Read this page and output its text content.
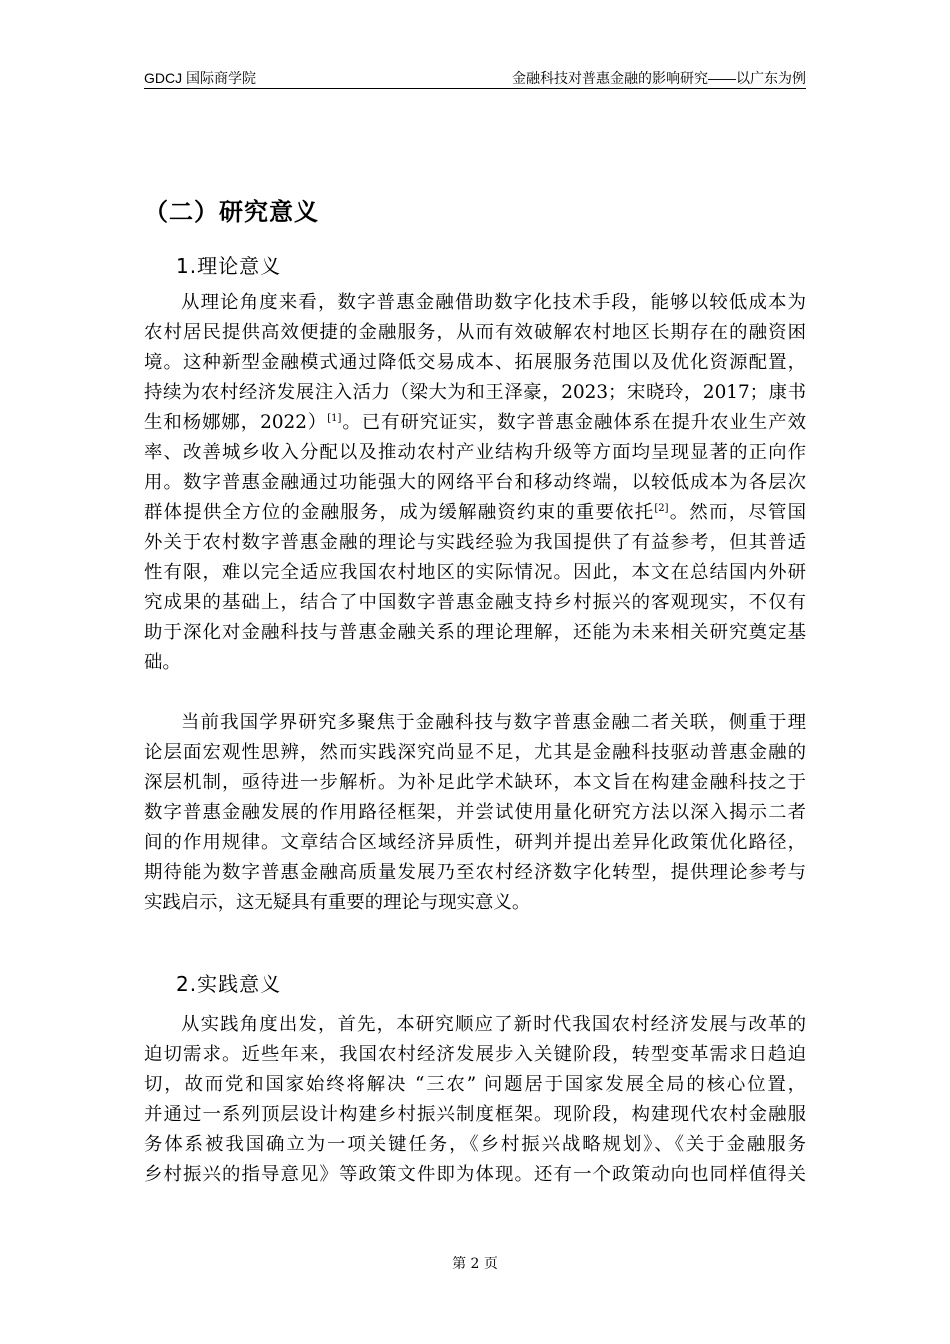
GDCJ 国际商学院	金融科技对普惠金融的影响研究——以广东为例
（二）研究意义
1.理论意义
从理论角度来看，数字普惠金融借助数字化技术手段，能够以较低成本为
农村居民提供高效便捷的金融服务，从而有效破解农村地区长期存在的融资困
境。这种新型金融模式通过降低交易成本、拓展服务范围以及优化资源配置，
持续为农村经济发展注入活力（梁大为和王泽豪，2023；宋晓玲，2017；康书
生和杨娜娜，2022）[1]。已有研究证实，数字普惠金融体系在提升农业生产效
率、改善城乡收入分配以及推动农村产业结构升级等方面均呈现显著的正向作
用。数字普惠金融通过功能强大的网络平台和移动终端，以较低成本为各层次
群体提供全方位的金融服务，成为缓解融资约束的重要依托[2]。然而，尽管国
外关于农村数字普惠金融的理论与实践经验为我国提供了有益参考，但其普适
性有限，难以完全适应我国农村地区的实际情况。因此，本文在总结国内外研
究成果的基础上，结合了中国数字普惠金融支持乡村振兴的客观现实，不仅有
助于深化对金融科技与普惠金融关系的理论理解，还能为未来相关研究奠定基
础。
当前我国学界研究多聚焦于金融科技与数字普惠金融二者关联，侧重于理
论层面宏观性思辨，然而实践深究尚显不足，尤其是金融科技驱动普惠金融的
深层机制，亟待进一步解析。为补足此学术缺环，本文旨在构建金融科技之于
数字普惠金融发展的作用路径框架，并尝试使用量化研究方法以深入揭示二者
间的作用规律。文章结合区域经济异质性，研判并提出差异化政策优化路径，
期待能为数字普惠金融高质量发展乃至农村经济数字化转型，提供理论参考与
实践启示，这无疑具有重要的理论与现实意义。
2.实践意义
从实践角度出发，首先，本研究顺应了新时代我国农村经济发展与改革的
迫切需求。近些年来，我国农村经济发展步入关键阶段，转型变革需求日趋迫
切，故而党和国家始终将解决 “三农” 问题居于国家发展全局的核心位置，
并通过一系列顶层设计构建乡村振兴制度框架。现阶段，构建现代农村金融服
务体系被我国确立为一项关键任务，《乡村振兴战略规划》、《关于金融服务
乡村振兴的指导意见》等政策文件即为体现。还有一个政策动向也同样值得关
第 2 页
